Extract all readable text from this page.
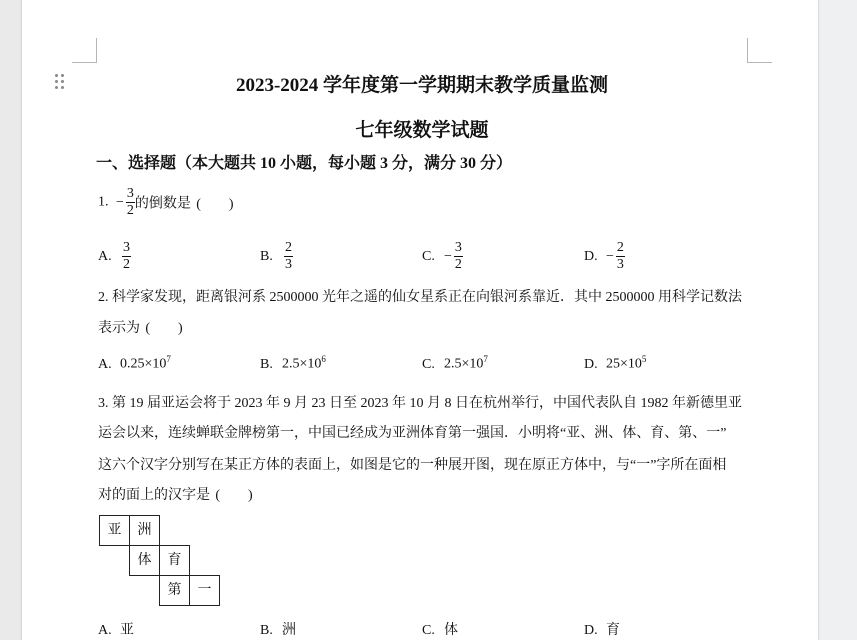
2023-2024 学年度第一学期期末教学质量监测
七年级数学试题
一、选择题（本大题共 10 小题，每小题 3 分，满分 30 分）
1. − $\frac{3}{2}$ 的倒数是 (　　)
A. $\frac{3}{2}$	B. $\frac{2}{3}$	C. − $\frac{3}{2}$	D. − $\frac{2}{3}$
2. 科学家发现，距离银河系 2500000 光年之遥的仙女星系正在向银河系靠近．其中 2500000 用科学记数法
表示为 (　　)
A. $0.25\times 10^7$	B. $2.5\times 10^6$	C. $2.5\times 10^7$	D. $25\times 10^5$
3. 第 19 届亚运会将于 2023 年 9 月 23 日至 2023 年 10 月 8 日在杭州举行，中国代表队自 1982 年新德里亚
运会以来，连续蝉联金牌榜第一，中国已经成为亚洲体育第一强国．小明将“亚、洲、体、育、第、一”
这六个汉字分别写在某正方体的表面上，如图是它的一种展开图，现在原正方体中，与“一”字所在面相
对的面上的汉字是 (　　)
亚	洲
体	育
第	一
A. 亚	B. 洲	C. 体	D. 育
